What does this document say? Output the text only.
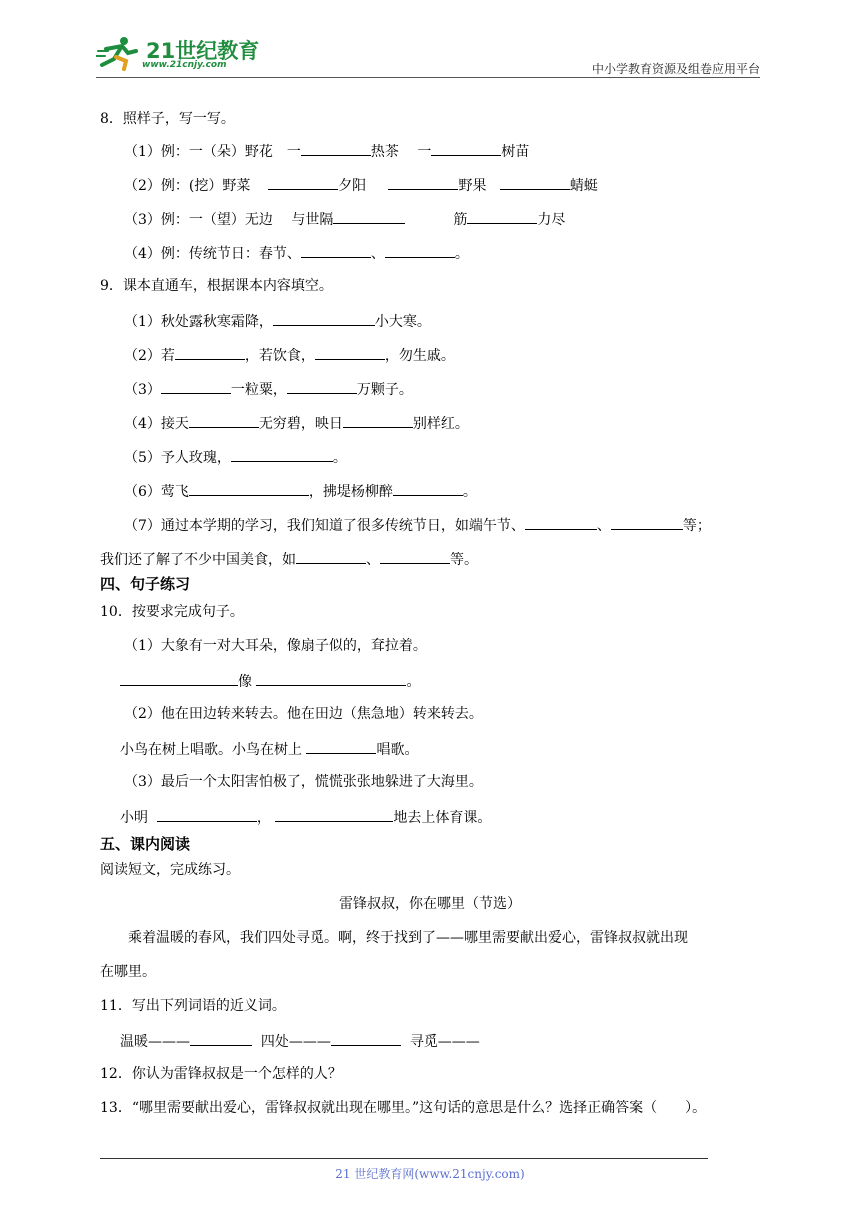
21世纪教育
www.21cnjy.com	中小学教育资源及组卷应用平台
8．照样子，写一写。
（1）例：一（朵）野花　一	热茶　 一	树苗
（2）例：(挖）野菜	夕阳	野果	蜻蜓
（3）例：一（望）无边　 与世隔	筋	力尽
（4）例：传统节日：春节、	、	。
9．课本直通车，根据课本内容填空。
（1）秋处露秋寒霜降，	小大寒。
（2）若	，若饮食，	，勿生戚。
（3）	一粒粟，	万颗子。
（4）接天	无穷碧，映日	别样红。
（5）予人玫瑰，	。
（6）莺飞	，拂堤杨柳醉	。
（7）通过本学期的学习，我们知道了很多传统节日，如端午节、	、	等；
我们还了解了不少中国美食，如	、	等。
四、句子练习
10．按要求完成句子。
（1）大象有一对大耳朵，像扇子似的，耷拉着。
像	。
（2）他在田边转来转去。他在田边（焦急地）转来转去。
小鸟在树上唱歌。小鸟在树上	唱歌。
（3）最后一个太阳害怕极了，慌慌张张地躲进了大海里。
小明	，	地去上体育课。
五、课内阅读
阅读短文，完成练习。
雷锋叔叔，你在哪里（节选）
乘着温暖的春风，我们四处寻觅。啊，终于找到了——哪里需要献出爱心，雷锋叔叔就出现
在哪里。
11．写出下列词语的近义词。
温暖———	四处———	寻觅———
12．你认为雷锋叔叔是一个怎样的人？
13．“哪里需要献出爱心，雷锋叔叔就出现在哪里。”这句话的意思是什么？选择正确答案（　　）。
21 世纪教育网(www.21cnjy.com)
